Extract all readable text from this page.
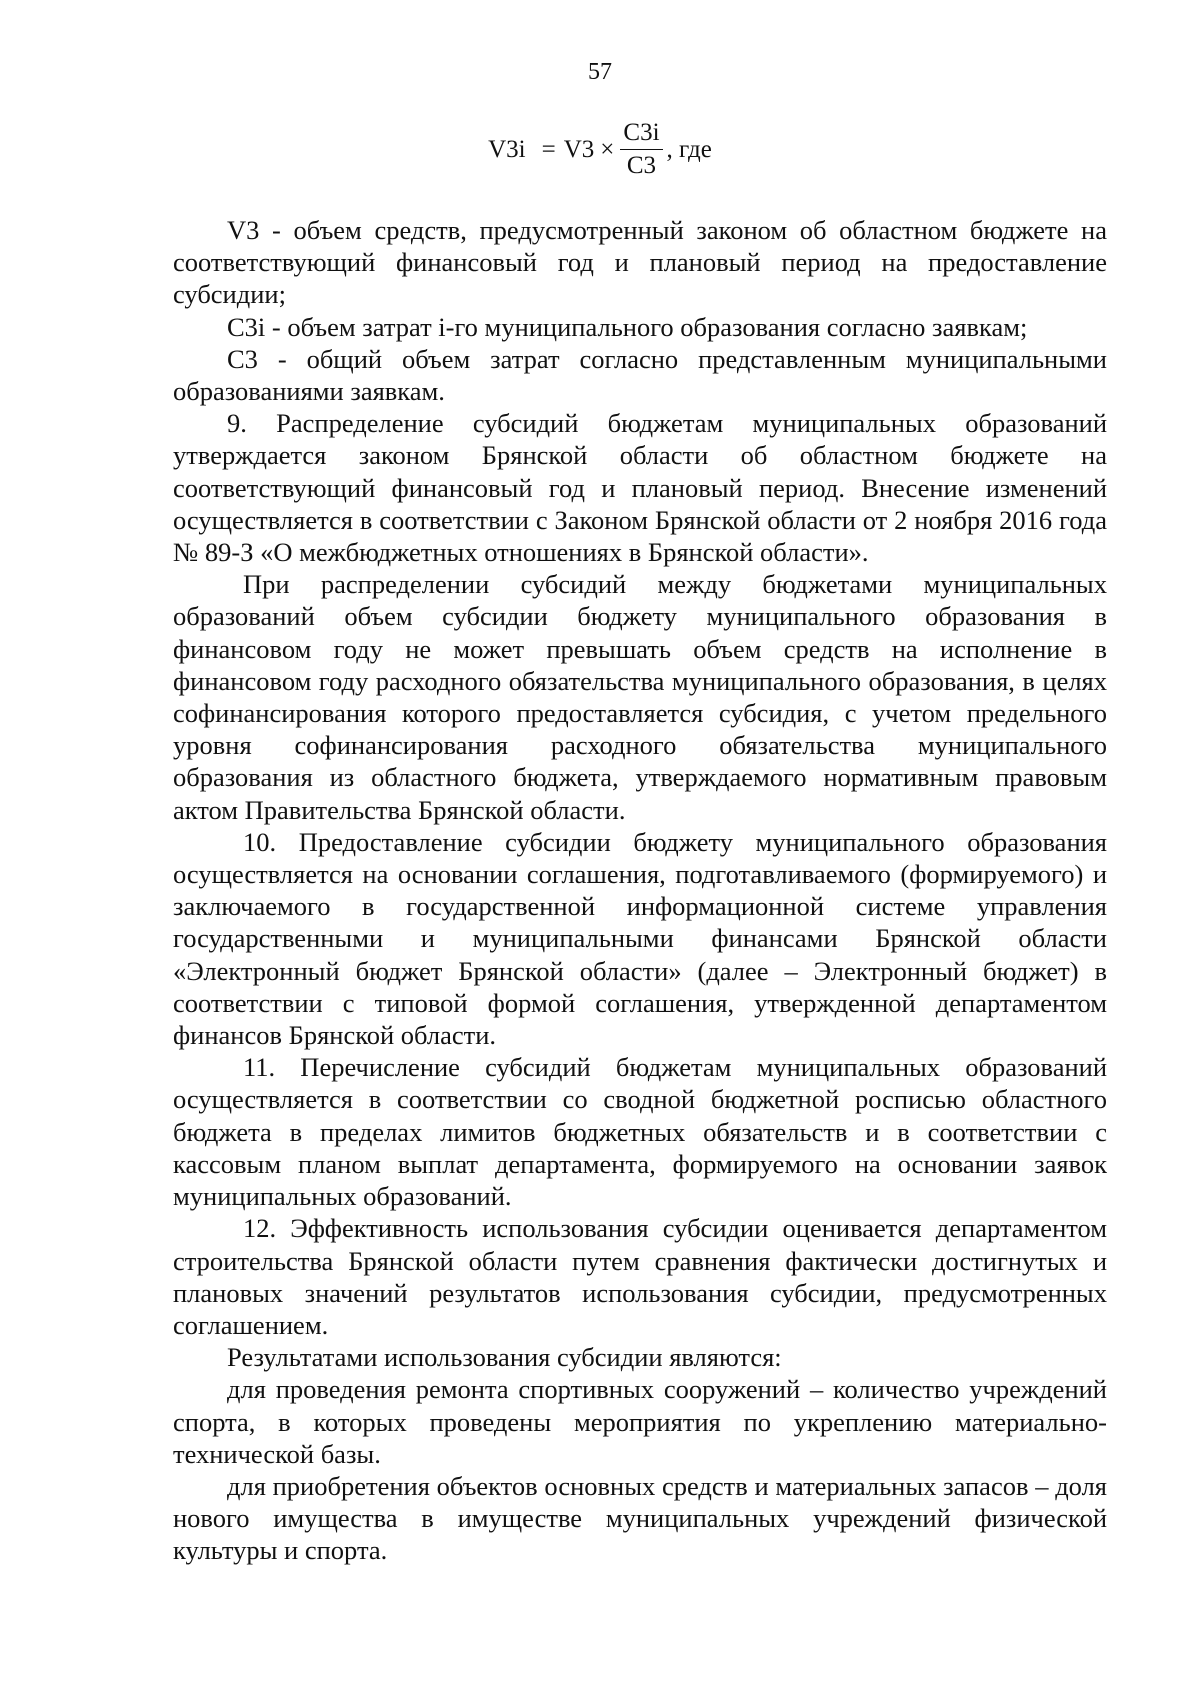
57
$V3i = V3 \times \frac{C3i}{C3}$ , где

V3 - объем средств, предусмотренный законом об областном бюджете на соответствующий финансовый год и плановый период на предоставление субсидии;

C3i - объем затрат i-го муниципального образования согласно заявкам;

C3 - общий объем затрат согласно представленным муниципальными образованиями заявкам.

9. Распределение субсидий бюджетам муниципальных образований утверждается законом Брянской области об областном бюджете на соответствующий финансовый год и плановый период. Внесение изменений осуществляется в соответствии с Законом Брянской области от 2 ноября 2016 года № 89-З «О межбюджетных отношениях в Брянской области».

При распределении субсидий между бюджетами муниципальных образований объем субсидии бюджету муниципального образования в финансовом году не может превышать объем средств на исполнение в финансовом году расходного обязательства муниципального образования, в целях софинансирования которого предоставляется субсидия, с учетом предельного уровня софинансирования расходного обязательства муниципального образования из областного бюджета, утверждаемого нормативным правовым актом Правительства Брянской области.

10. Предоставление субсидии бюджету муниципального образования осуществляется на основании соглашения, подготавливаемого (формируемого) и заключаемого в государственной информационной системе управления государственными и муниципальными финансами Брянской области «Электронный бюджет Брянской области» (далее – Электронный бюджет) в соответствии с типовой формой соглашения, утвержденной департаментом финансов Брянской области.

11. Перечисление субсидий бюджетам муниципальных образований осуществляется в соответствии со сводной бюджетной росписью областного бюджета в пределах лимитов бюджетных обязательств и в соответствии с кассовым планом выплат департамента, формируемого на основании заявок муниципальных образований.

12. Эффективность использования субсидии оценивается департаментом строительства Брянской области путем сравнения фактически достигнутых и плановых значений результатов использования субсидии, предусмотренных соглашением.

Результатами использования субсидии являются:

для проведения ремонта спортивных сооружений – количество учреждений спорта, в которых проведены мероприятия по укреплению материально-технической базы.

для приобретения объектов основных средств и материальных запасов – доля нового имущества в имуществе муниципальных учреждений физической культуры и спорта.
